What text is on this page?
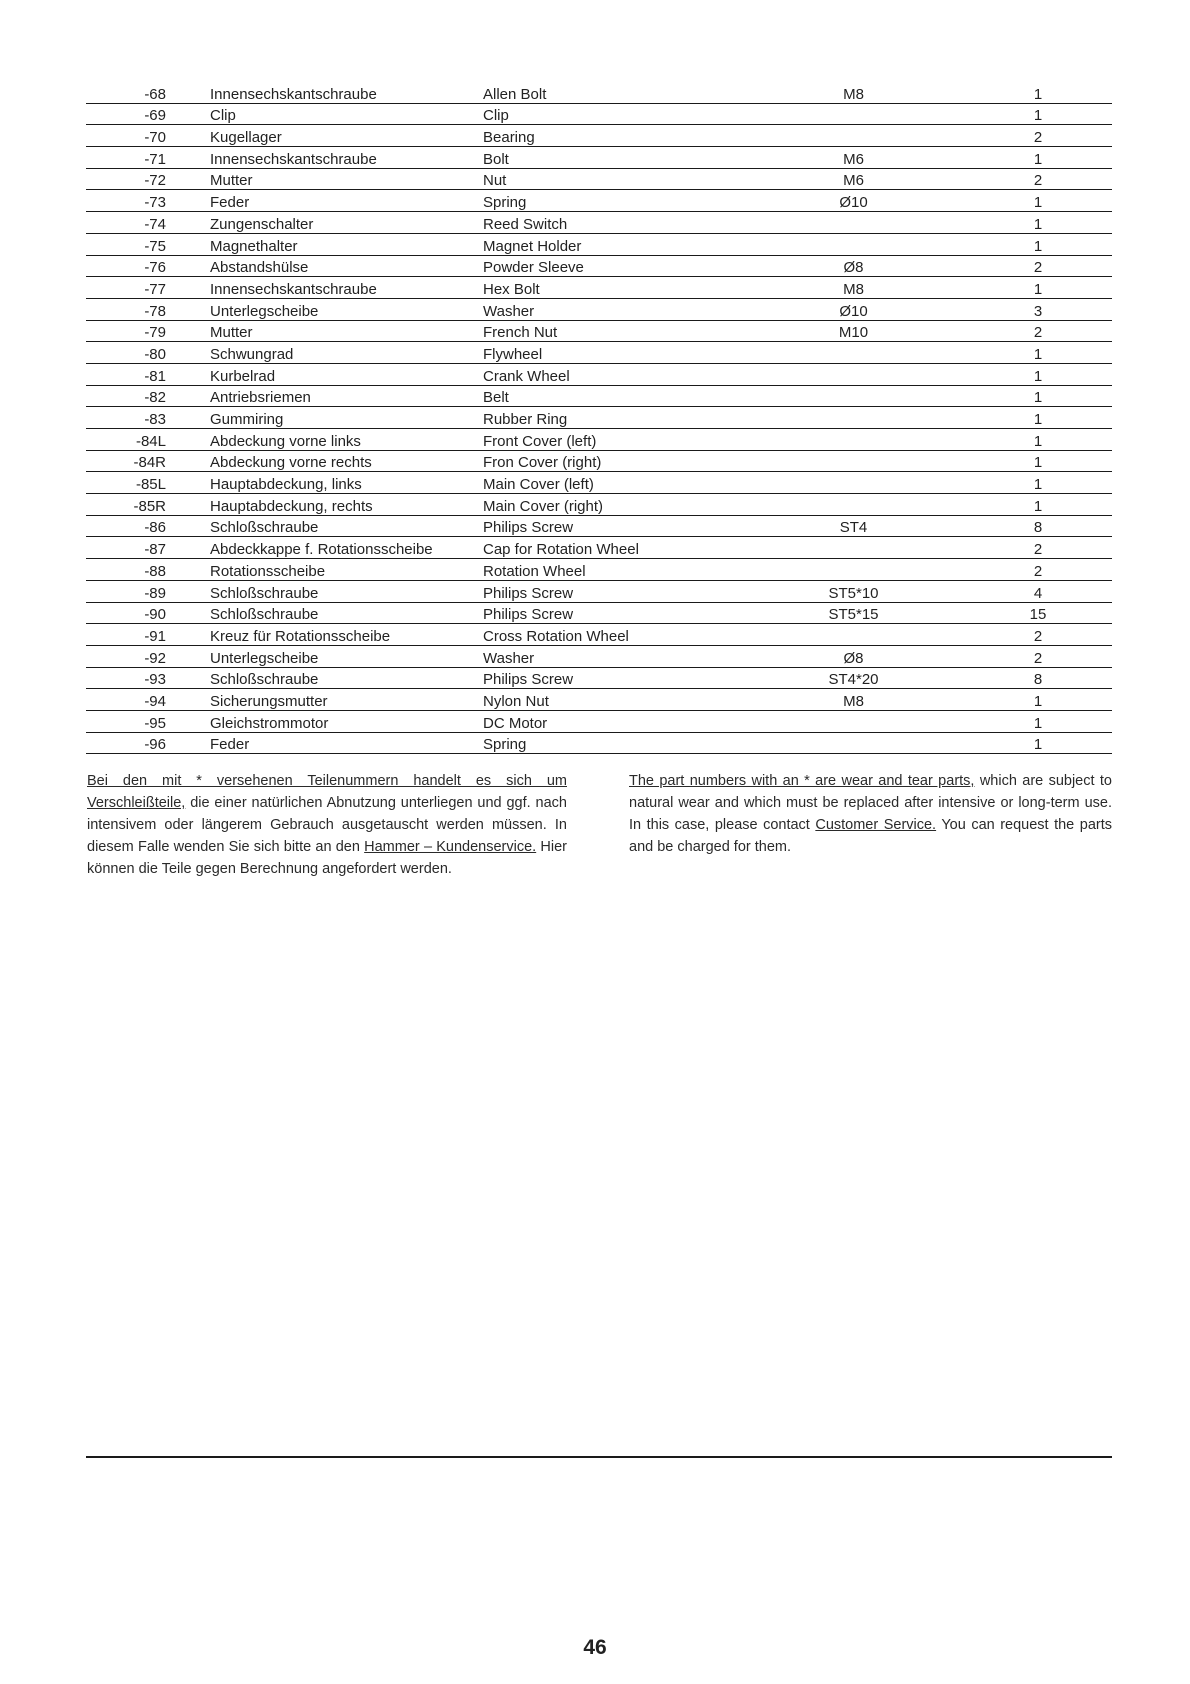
-68	Innensechskantschraube	Allen Bolt	M8	1
-69	Clip	Clip		1
-70	Kugellager	Bearing		2
-71	Innensechskantschraube	Bolt	M6	1
-72	Mutter	Nut	M6	2
-73	Feder	Spring	Ø10	1
-74	Zungenschalter	Reed Switch		1
-75	Magnethalter	Magnet Holder		1
-76	Abstandshülse	Powder Sleeve	Ø8	2
-77	Innensechskantschraube	Hex Bolt	M8	1
-78	Unterlegscheibe	Washer	Ø10	3
-79	Mutter	French Nut	M10	2
-80	Schwungrad	Flywheel		1
-81	Kurbelrad	Crank Wheel		1
-82	Antriebsriemen	Belt		1
-83	Gummiring	Rubber Ring		1
-84L	Abdeckung vorne links	Front Cover (left)		1
-84R	Abdeckung vorne rechts	Fron Cover (right)		1
-85L	Hauptabdeckung, links	Main Cover (left)		1
-85R	Hauptabdeckung, rechts	Main Cover (right)		1
-86	Schloßschraube	Philips Screw	ST4	8
-87	Abdeckkappe f. Rotationsscheibe	Cap for Rotation Wheel		2
-88	Rotationsscheibe	Rotation Wheel		2
-89	Schloßschraube	Philips Screw	ST5*10	4
-90	Schloßschraube	Philips Screw	ST5*15	15
-91	Kreuz für Rotationsscheibe	Cross Rotation Wheel		2
-92	Unterlegscheibe	Washer	Ø8	2
-93	Schloßschraube	Philips Screw	ST4*20	8
-94	Sicherungsmutter	Nylon Nut	M8	1
-95	Gleichstrommotor	DC Motor		1
-96	Feder	Spring		1
Bei den mit * versehenen Teilenummern handelt es sich um Verschleißteile, die einer natürlichen Abnutzung unterliegen und ggf. nach intensivem oder längerem Gebrauch ausgetauscht werden müssen. In diesem Falle wenden Sie sich bitte an den Hammer – Kundenservice. Hier können die Teile gegen Berechnung angefordert werden.
The part numbers with an * are wear and tear parts, which are subject to natural wear and which must be replaced after intensive or long-term use. In this case, please contact Customer Service. You can request the parts and be charged for them.
46
